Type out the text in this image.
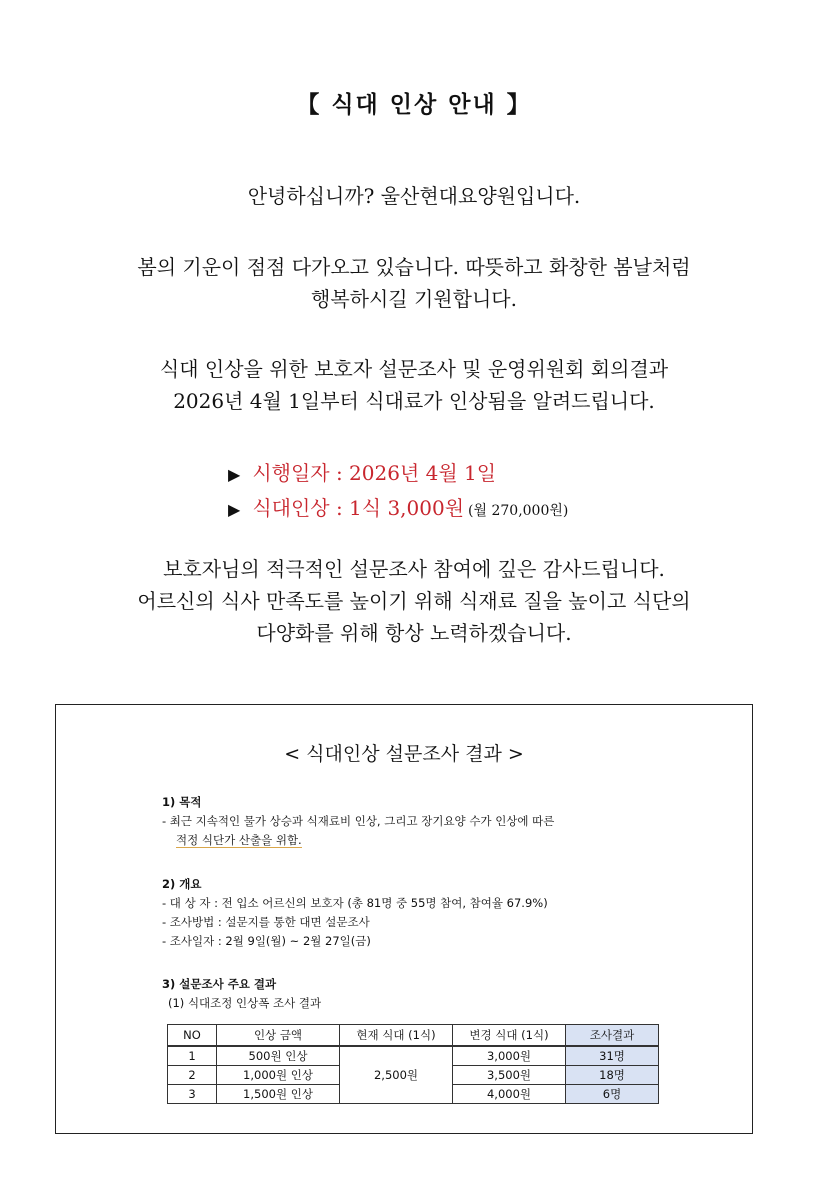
【 식대 인상 안내 】
안녕하십니까? 울산현대요양원입니다.
봄의 기운이 점점 다가오고 있습니다. 따뜻하고 화창한 봄날처럼
행복하시길 기원합니다.
식대 인상을 위한 보호자 설문조사 및 운영위원회 회의결과
2026년 4월 1일부터 식대료가 인상됨을 알려드립니다.
▶ 시행일자 : 2026년 4월 1일
▶ 식대인상 : 1식 3,000원 (월 270,000원)
보호자님의 적극적인 설문조사 참여에 깊은 감사드립니다.
어르신의 식사 만족도를 높이기 위해 식재료 질을 높이고 식단의
다양화를 위해 항상 노력하겠습니다.
< 식대인상 설문조사 결과 >
1) 목적
- 최근 지속적인 물가 상승과 식재료비 인상, 그리고 장기요양 수가 인상에 따른
적정 식단가 산출을 위함.
2) 개요
- 대 상 자 : 전 입소 어르신의 보호자 (총 81명 중 55명 참여, 참여율 67.9%)
- 조사방법 : 설문지를 통한 대면 설문조사
- 조사일자 : 2월 9일(월) ~ 2월 27일(금)
3) 설문조사 주요 결과
(1) 식대조정 인상폭 조사 결과
NO	인상 금액	현재 식대 (1식)	변경 식대 (1식)	조사결과
1	500원 인상	2,500원	3,000원	31명
2	1,000원 인상		3,500원	18명
3	1,500원 인상		4,000원	6명
